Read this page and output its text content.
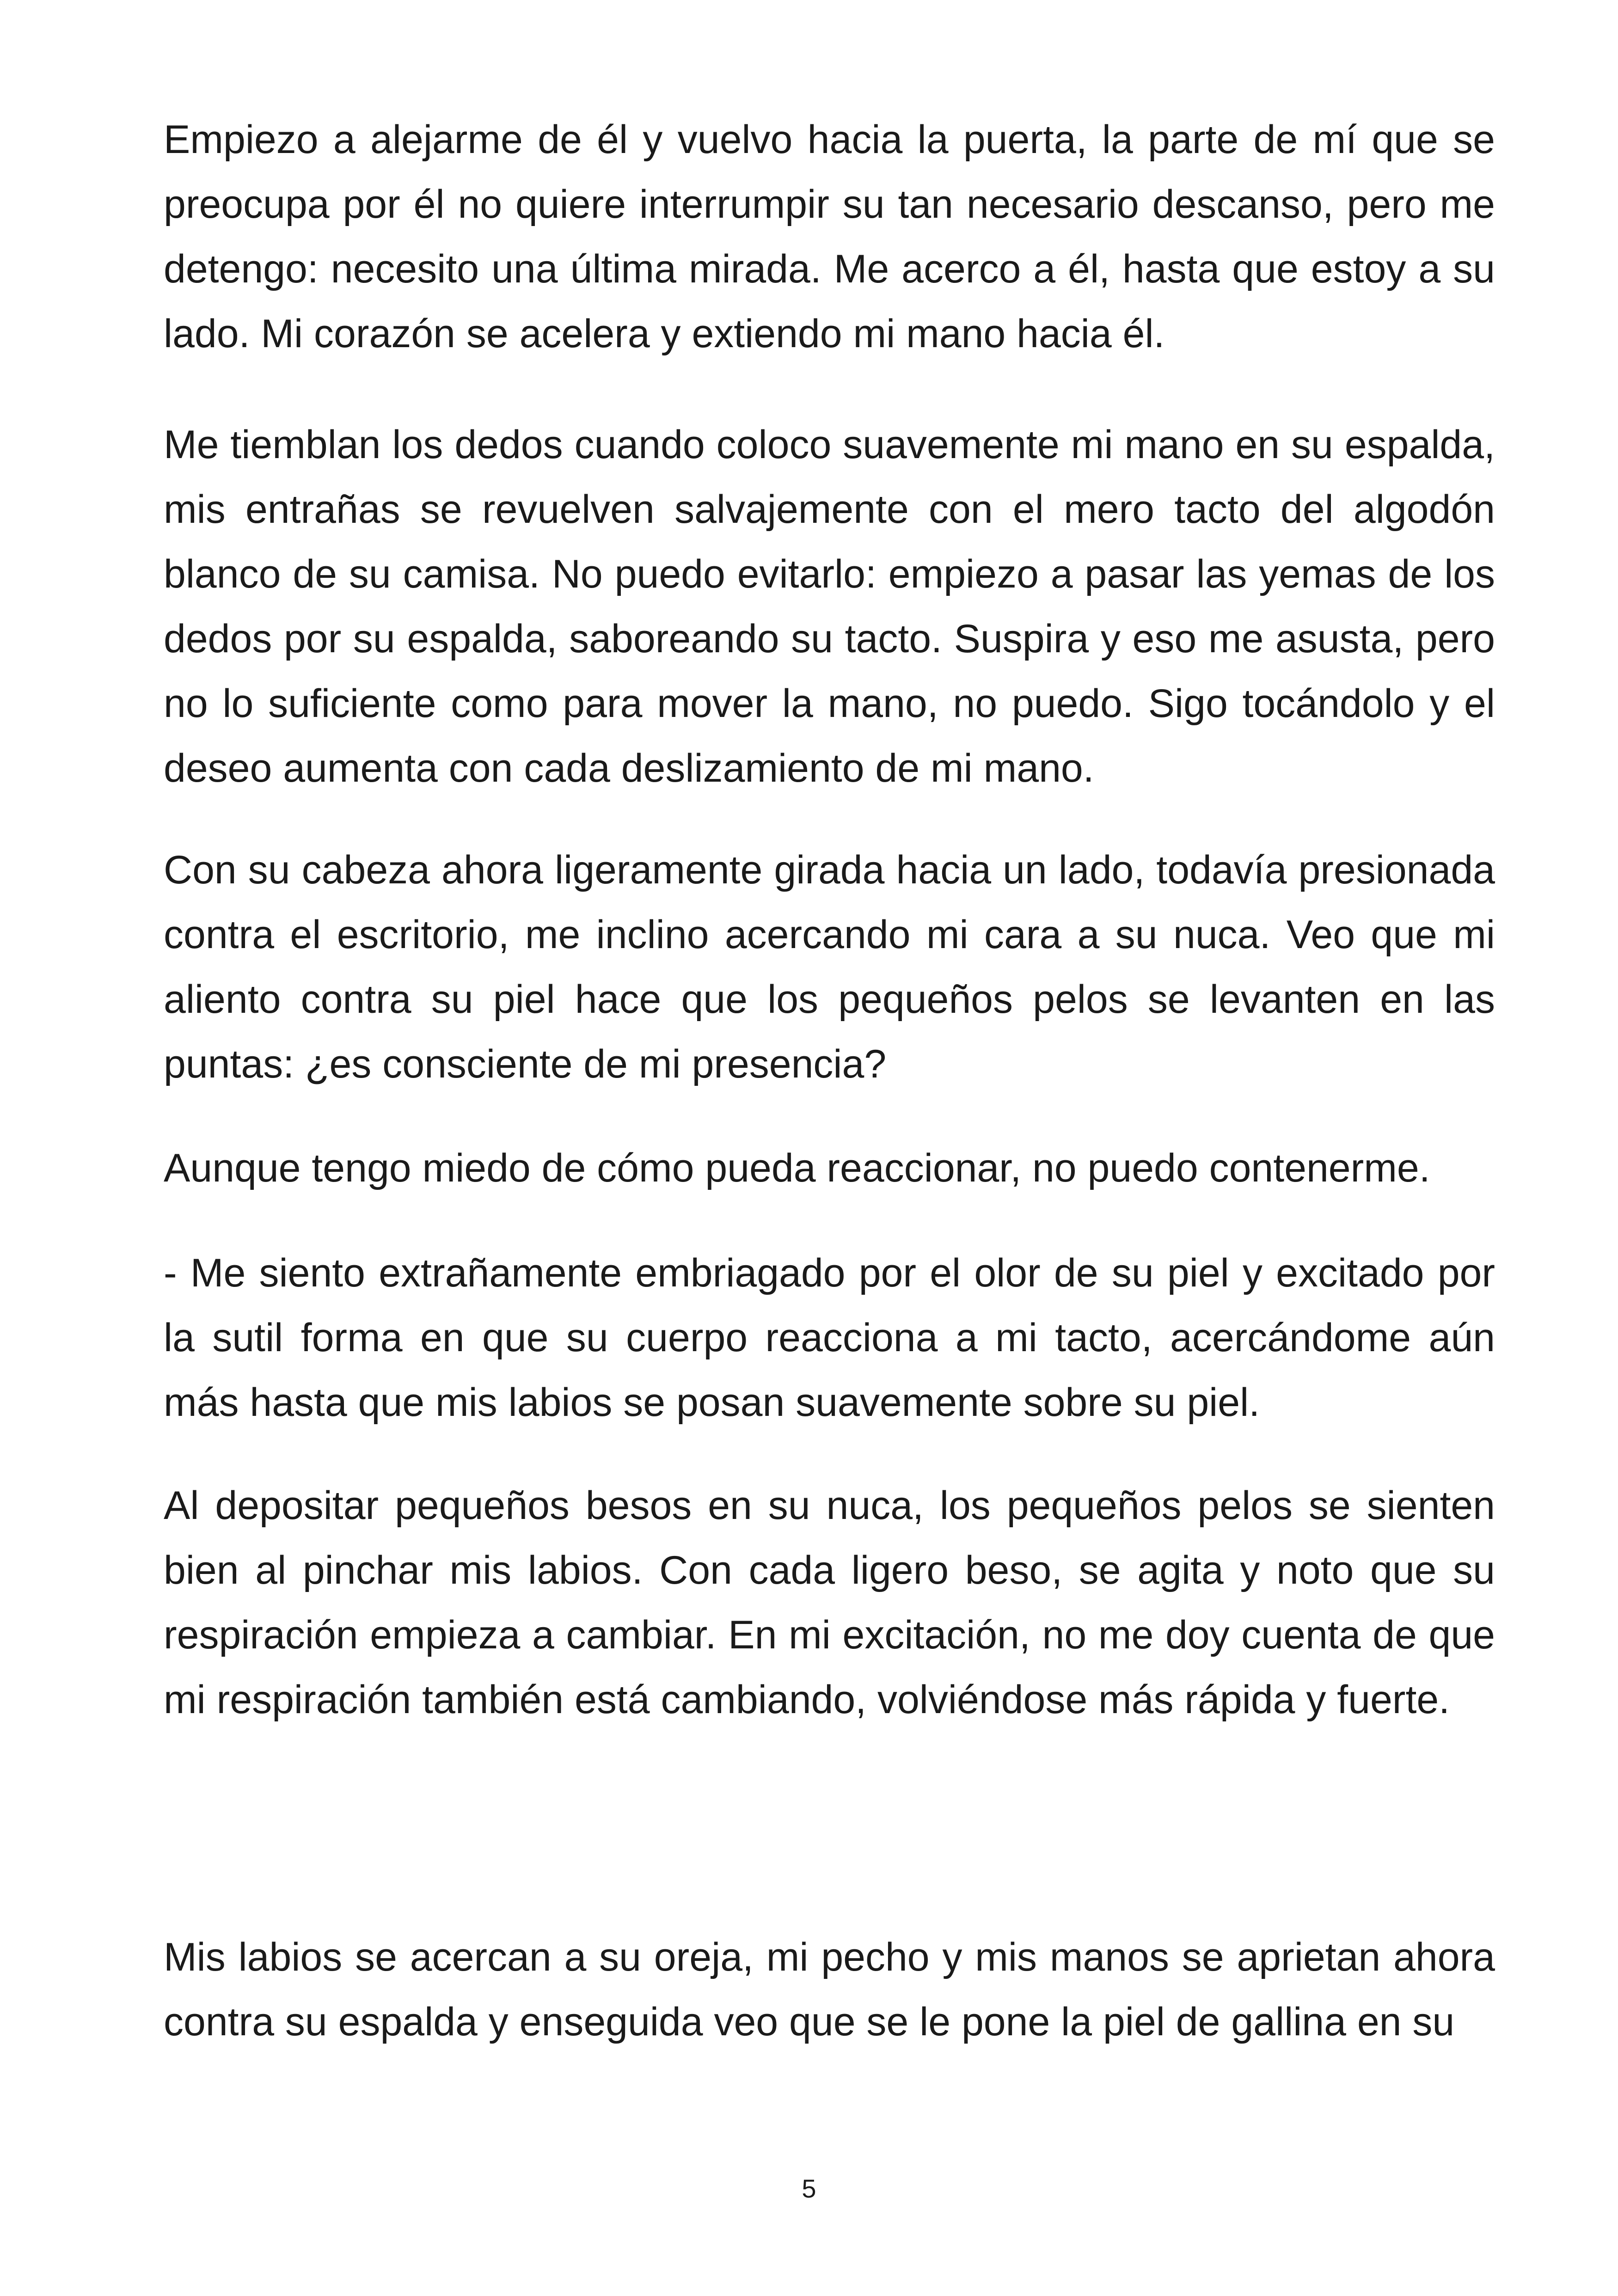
Empiezo a alejarme de él y vuelvo hacia la puerta, la parte de mí que se preocupa por él no quiere interrumpir su tan necesario descanso, pero me detengo: necesito una última mirada. Me acerco a él, hasta que estoy a su lado. Mi corazón se acelera y extiendo mi mano hacia él.

Me tiemblan los dedos cuando coloco suavemente mi mano en su espalda, mis entrañas se revuelven salvajemente con el mero tacto del algodón blanco de su camisa. No puedo evitarlo: empiezo a pasar las yemas de los dedos por su espalda, saboreando su tacto. Suspira y eso me asusta, pero no lo suficiente como para mover la mano, no puedo. Sigo tocándolo y el deseo aumenta con cada deslizamiento de mi mano.

Con su cabeza ahora ligeramente girada hacia un lado, todavía presionada contra el escritorio, me inclino acercando mi cara a su nuca. Veo que mi aliento contra su piel hace que los pequeños pelos se levanten en las puntas: ¿es consciente de mi presencia?

Aunque tengo miedo de cómo pueda reaccionar, no puedo contenerme.

- Me siento extrañamente embriagado por el olor de su piel y excitado por la sutil forma en que su cuerpo reacciona a mi tacto, acercándome aún más hasta que mis labios se posan suavemente sobre su piel.

Al depositar pequeños besos en su nuca, los pequeños pelos se sienten bien al pinchar mis labios. Con cada ligero beso, se agita y noto que su respiración empieza a cambiar. En mi excitación, no me doy cuenta de que mi respiración también está cambiando, volviéndose más rápida y fuerte.

Mis labios se acercan a su oreja, mi pecho y mis manos se aprietan ahora contra su espalda y enseguida veo que se le pone la piel de gallina en su

5
